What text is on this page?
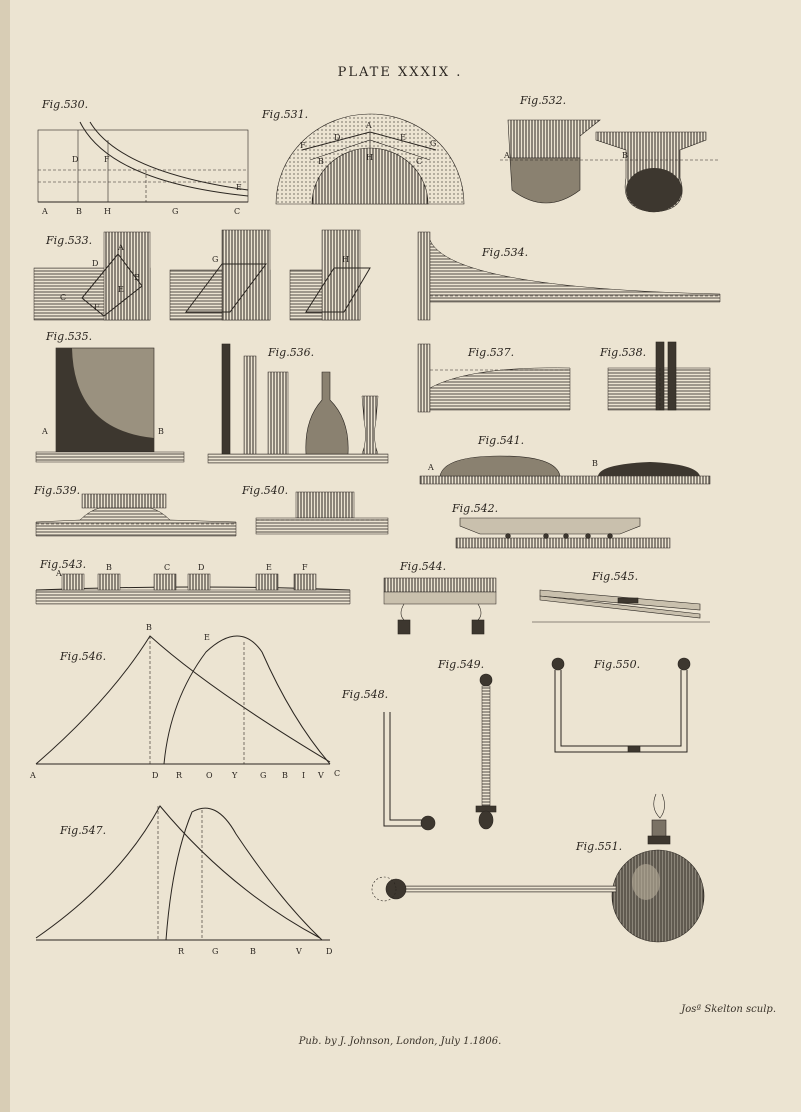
PLATE XXXIX .
Fig.530.
A	B	H	G	C
D	F
E
Fig.531.
F
D
A
E
G
B	H	C
Fig.532.
A	B
Fig.533.
A
D
B
C
E
F
G	H
Fig.534.
Fig.535.
A	B
Fig.536.	Fig.537.	Fig.538.
Fig.541.
A	B
Fig.539.	Fig.540.
Fig.542.
Fig.543.
A
B	C	D	E	F	Fig.544.
Fig.545.
Fig.546.
B
E
A	D R	O Y	G B I V C
Fig.547.
R	G	B	V	D
Fig.548.
Fig.549.	Fig.550.
Fig.551.
Josª Skelton sculp.
Pub. by J. Johnson, London, July 1.1806.
